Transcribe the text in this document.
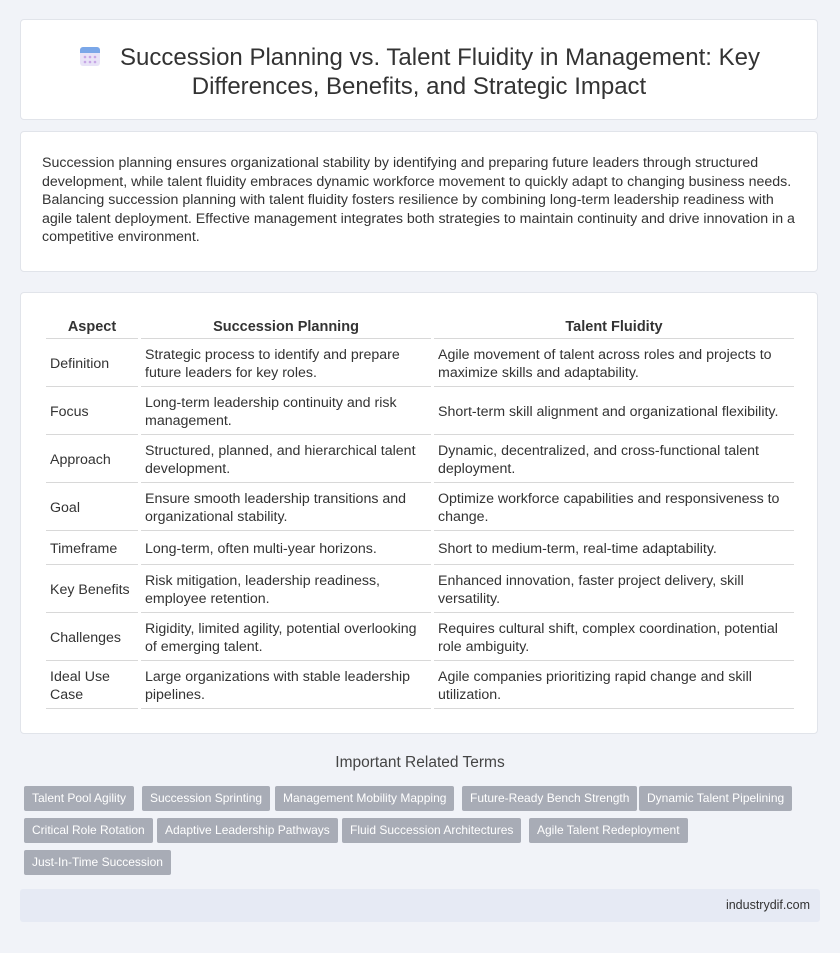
Succession Planning vs. Talent Fluidity in Management: Key Differences, Benefits, and Strategic Impact

Succession planning ensures organizational stability by identifying and preparing future leaders through structured development, while talent fluidity embraces dynamic workforce movement to quickly adapt to changing business needs. Balancing succession planning with talent fluidity fosters resilience by combining long-term leadership readiness with agile talent deployment. Effective management integrates both strategies to maintain continuity and drive innovation in a competitive environment.

Aspect	Succession Planning	Talent Fluidity
Definition	Strategic process to identify and prepare future leaders for key roles.	Agile movement of talent across roles and projects to maximize skills and adaptability.
Focus	Long-term leadership continuity and risk management.	Short-term skill alignment and organizational flexibility.
Approach	Structured, planned, and hierarchical talent development.	Dynamic, decentralized, and cross-functional talent deployment.
Goal	Ensure smooth leadership transitions and organizational stability.	Optimize workforce capabilities and responsiveness to change.
Timeframe	Long-term, often multi-year horizons.	Short to medium-term, real-time adaptability.
Key Benefits	Risk mitigation, leadership readiness, employee retention.	Enhanced innovation, faster project delivery, skill versatility.
Challenges	Rigidity, limited agility, potential overlooking of emerging talent.	Requires cultural shift, complex coordination, potential role ambiguity.
Ideal Use Case	Large organizations with stable leadership pipelines.	Agile companies prioritizing rapid change and skill utilization.
Important Related Terms
Talent Pool Agility	Succession Sprinting	Management Mobility Mapping	Future-Ready Bench Strength	Dynamic Talent Pipelining
Critical Role Rotation	Adaptive Leadership Pathways	Fluid Succession Architectures	Agile Talent Redeployment
Just-In-Time Succession
industrydif.com
